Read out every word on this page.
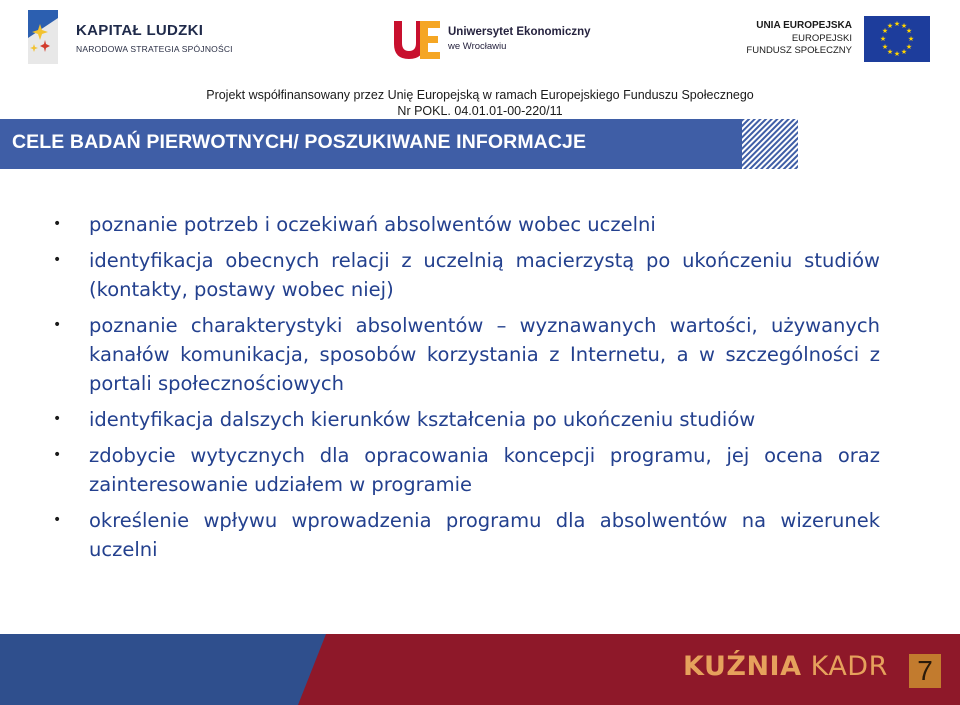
KAPITAŁ LUDZKI
NARODOWA STRATEGIA SPÓJNOŚCI
Uniwersytet Ekonomiczny
we Wrocławiu
UNIA EUROPEJSKA
EUROPEJSKI
FUNDUSZ SPOŁECZNY
★ ★
★
★
★
★
★
★
★
★
★
★
Projekt współfinansowany przez Unię Europejską w ramach Europejskiego Funduszu Społecznego
Nr POKL. 04.01.01-00-220/11
CELE BADAŃ PIERWOTNYCH/ POSZUKIWANE INFORMACJE
• poznanie potrzeb i oczekiwań absolwentów wobec uczelni
• identyfikacja obecnych relacji z uczelnią macierzystą po ukończeniu studiów (kontakty, postawy wobec niej)
• poznanie charakterystyki absolwentów – wyznawanych wartości, używanych kanałów komunikacja, sposobów korzystania z Internetu, a w szczególności z portali społecznościowych
• identyfikacja dalszych kierunków kształcenia po ukończeniu studiów
• zdobycie wytycznych dla opracowania koncepcji programu, jej ocena oraz zainteresowanie udziałem w programie
• określenie wpływu wprowadzenia programu dla absolwentów na wizerunek uczelni
KUŹNIA KADR 7
